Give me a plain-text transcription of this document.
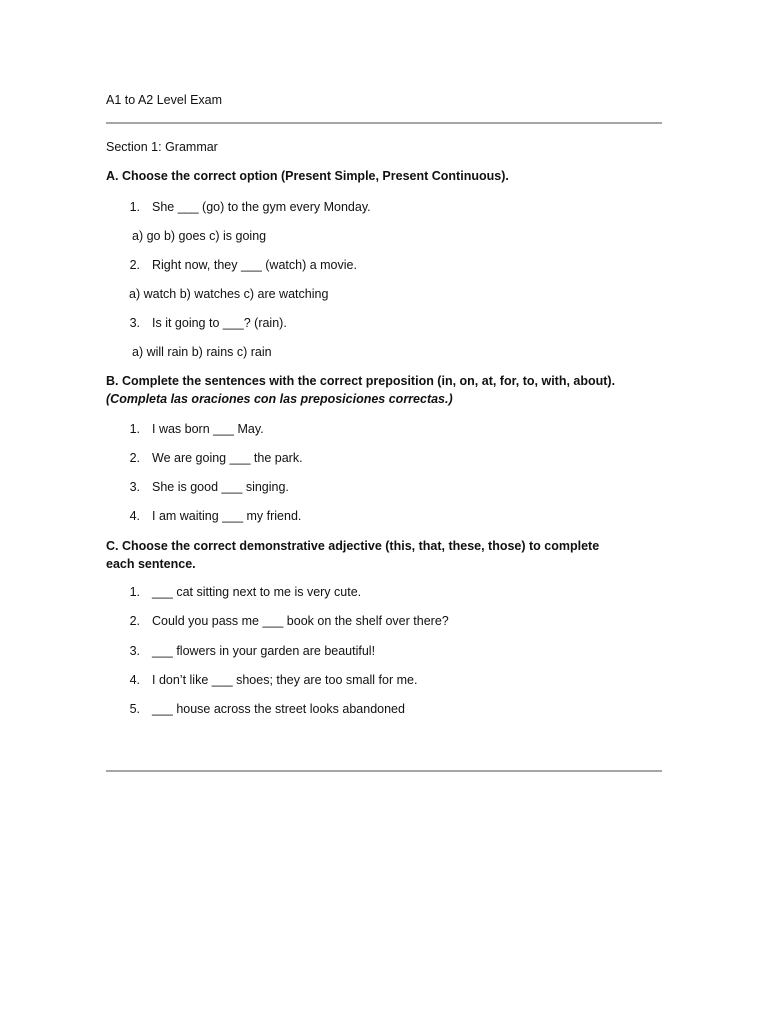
A1 to A2 Level Exam
Section 1: Grammar
A. Choose the correct option (Present Simple, Present Continuous).
1. She ___ (go) to the gym every Monday.
a) go b) goes c) is going
2. Right now, they ___ (watch) a movie.
a) watch b) watches c) are watching
3. Is it going to ___? (rain).
a) will rain b) rains c) rain
B. Complete the sentences with the correct preposition (in, on, at, for, to, with, about).
(Completa las oraciones con las preposiciones correctas.)
1. I was born ___ May.
2. We are going ___ the park.
3. She is good ___ singing.
4. I am waiting ___ my friend.
C. Choose the correct demonstrative adjective (this, that, these, those) to complete each sentence.
1. ___ cat sitting next to me is very cute.
2. Could you pass me ___ book on the shelf over there?
3. ___ flowers in your garden are beautiful!
4. I don’t like ___ shoes; they are too small for me.
5. ___ house across the street looks abandoned
